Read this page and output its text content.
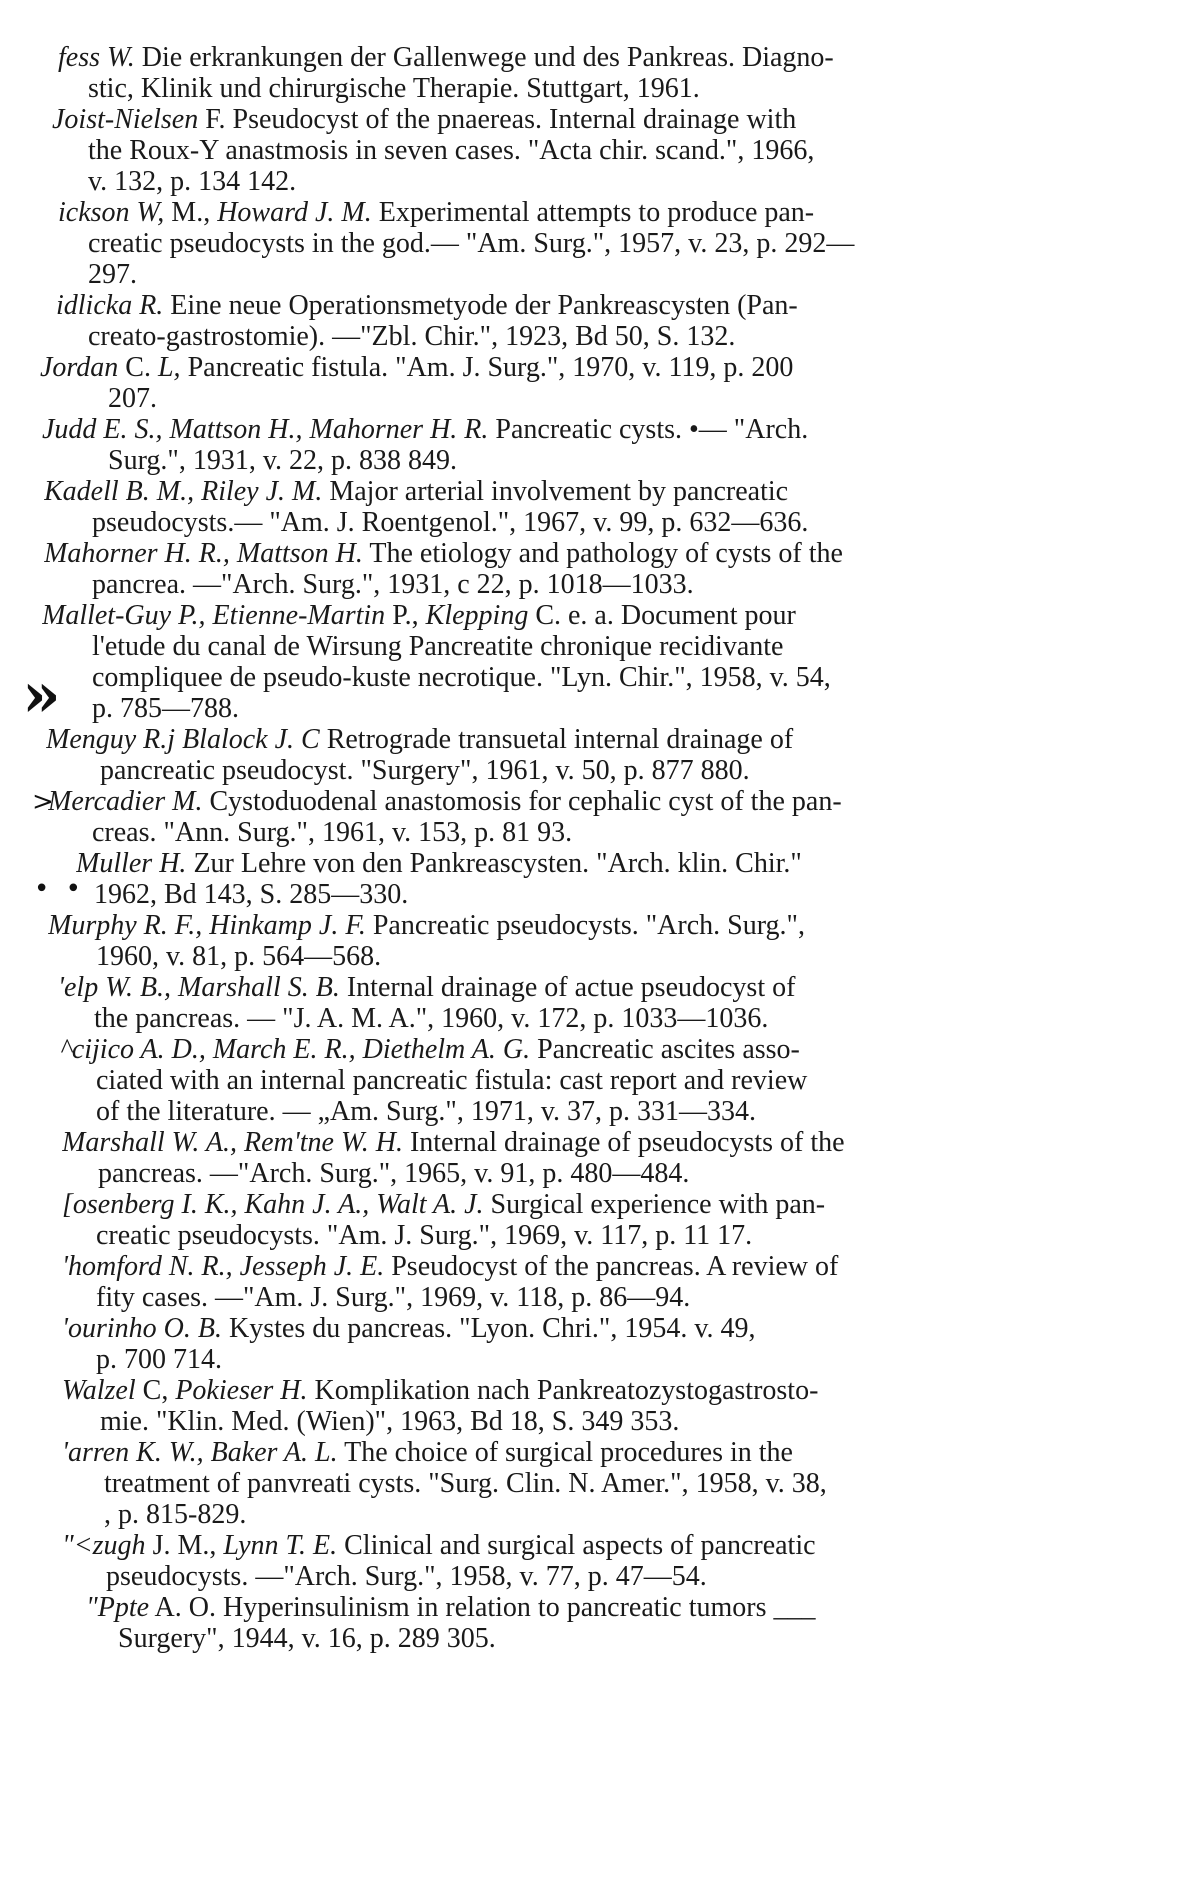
fess W. Die erkrankungen der Gallenwege und des Pankreas. Diagno-
stic, Klinik und chirurgische Therapie. Stuttgart, 1961.

Joist-Nielsen F. Pseudocyst of the pnaereas. Internal drainage with
the Roux-Y anastmosis in seven cases. "Acta chir. scand.", 1966,
v. 132, p. 134 142.

ickson W, M., Howard J. M. Experimental attempts to produce pan-
creatic pseudocysts in the god.— "Am. Surg.", 1957, v. 23, p. 292—
297.

idlicka R. Eine neue Operationsmetyode der Pankreascysten (Pan-
creato-gastrostomie). —"Zbl. Chir.", 1923, Bd 50, S. 132.

Jordan C. L, Pancreatic fistula. "Am. J. Surg.", 1970, v. 119, p. 200
207.

Judd E. S., Mattson H., Mahorner H. R. Pancreatic cysts. •— "Arch.
Surg.", 1931, v. 22, p. 838 849.

Kadell B. M., Riley J. M. Major arterial involvement by pancreatic
pseudocysts.— "Am. J. Roentgenol.", 1967, v. 99, p. 632—636.

Mahorner H. R., Mattson H. The etiology and pathology of cysts of the
pancrea. —"Arch. Surg.", 1931, c 22, p. 1018—1033.

Mallet-Guy P., Etienne-Martin P., Klepping C. e. a. Document pour
l'etude du canal de Wirsung Pancreatite chronique recidivante
compliquee de pseudo-kuste necrotique. "Lyn. Chir.", 1958, v. 54,
p. 785—788.

Menguy R.j Blalock J. C Retrograde transuetal internal drainage of
pancreatic pseudocyst. "Surgery", 1961, v. 50, p. 877 880.

Mercadier M. Cystoduodenal anastomosis for cephalic cyst of the pan-
creas. "Ann. Surg.", 1961, v. 153, p. 81 93.

Muller H. Zur Lehre von den Pankreascysten. "Arch. klin. Chir."
1962, Bd 143, S. 285—330.

Murphy R. F., Hinkamp J. F. Pancreatic pseudocysts. "Arch. Surg.",
1960, v. 81, p. 564—568.

'elp W. B., Marshall S. B. Internal drainage of actue pseudocyst of
the pancreas. — "J. A. M. A.", 1960, v. 172, p. 1033—1036.

^cijico A. D., March E. R., Diethelm A. G. Pancreatic ascites asso-
ciated with an internal pancreatic fistula: cast report and review
of the literature. — „Am. Surg.", 1971, v. 37, p. 331—334.

Marshall W. A., Rem'tne W. H. Internal drainage of pseudocysts of the
pancreas. —"Arch. Surg.", 1965, v. 91, p. 480—484.

[osenberg I. K., Kahn J. A., Walt A. J. Surgical experience with pan-
creatic pseudocysts. "Am. J. Surg.", 1969, v. 117, p. 11 17.

'homford N. R., Jesseph J. E. Pseudocyst of the pancreas. A review of
fity cases. —"Am. J. Surg.", 1969, v. 118, p. 86—94.

'ourinho O. B. Kystes du pancreas. "Lyon. Chri.", 1954. v. 49,
p. 700 714.

Walzel C, Pokieser H. Komplikation nach Pankreatozystogastrosto-
mie. "Klin. Med. (Wien)", 1963, Bd 18, S. 349 353.

'arren K. W., Baker A. L. The choice of surgical procedures in the
treatment of panvreati cysts. "Surg. Clin. N. Amer.", 1958, v. 38,
, p. 815-829.

"<zugh J. M., Lynn T. E. Clinical and surgical aspects of pancreatic
pseudocysts. —"Arch. Surg.", 1958, v. 77, p. 47—54.

"Ppte A. O. Hyperinsulinism in relation to pancreatic tumors ___
Surgery", 1944, v. 16, p. 289 305.

»
>
• •
